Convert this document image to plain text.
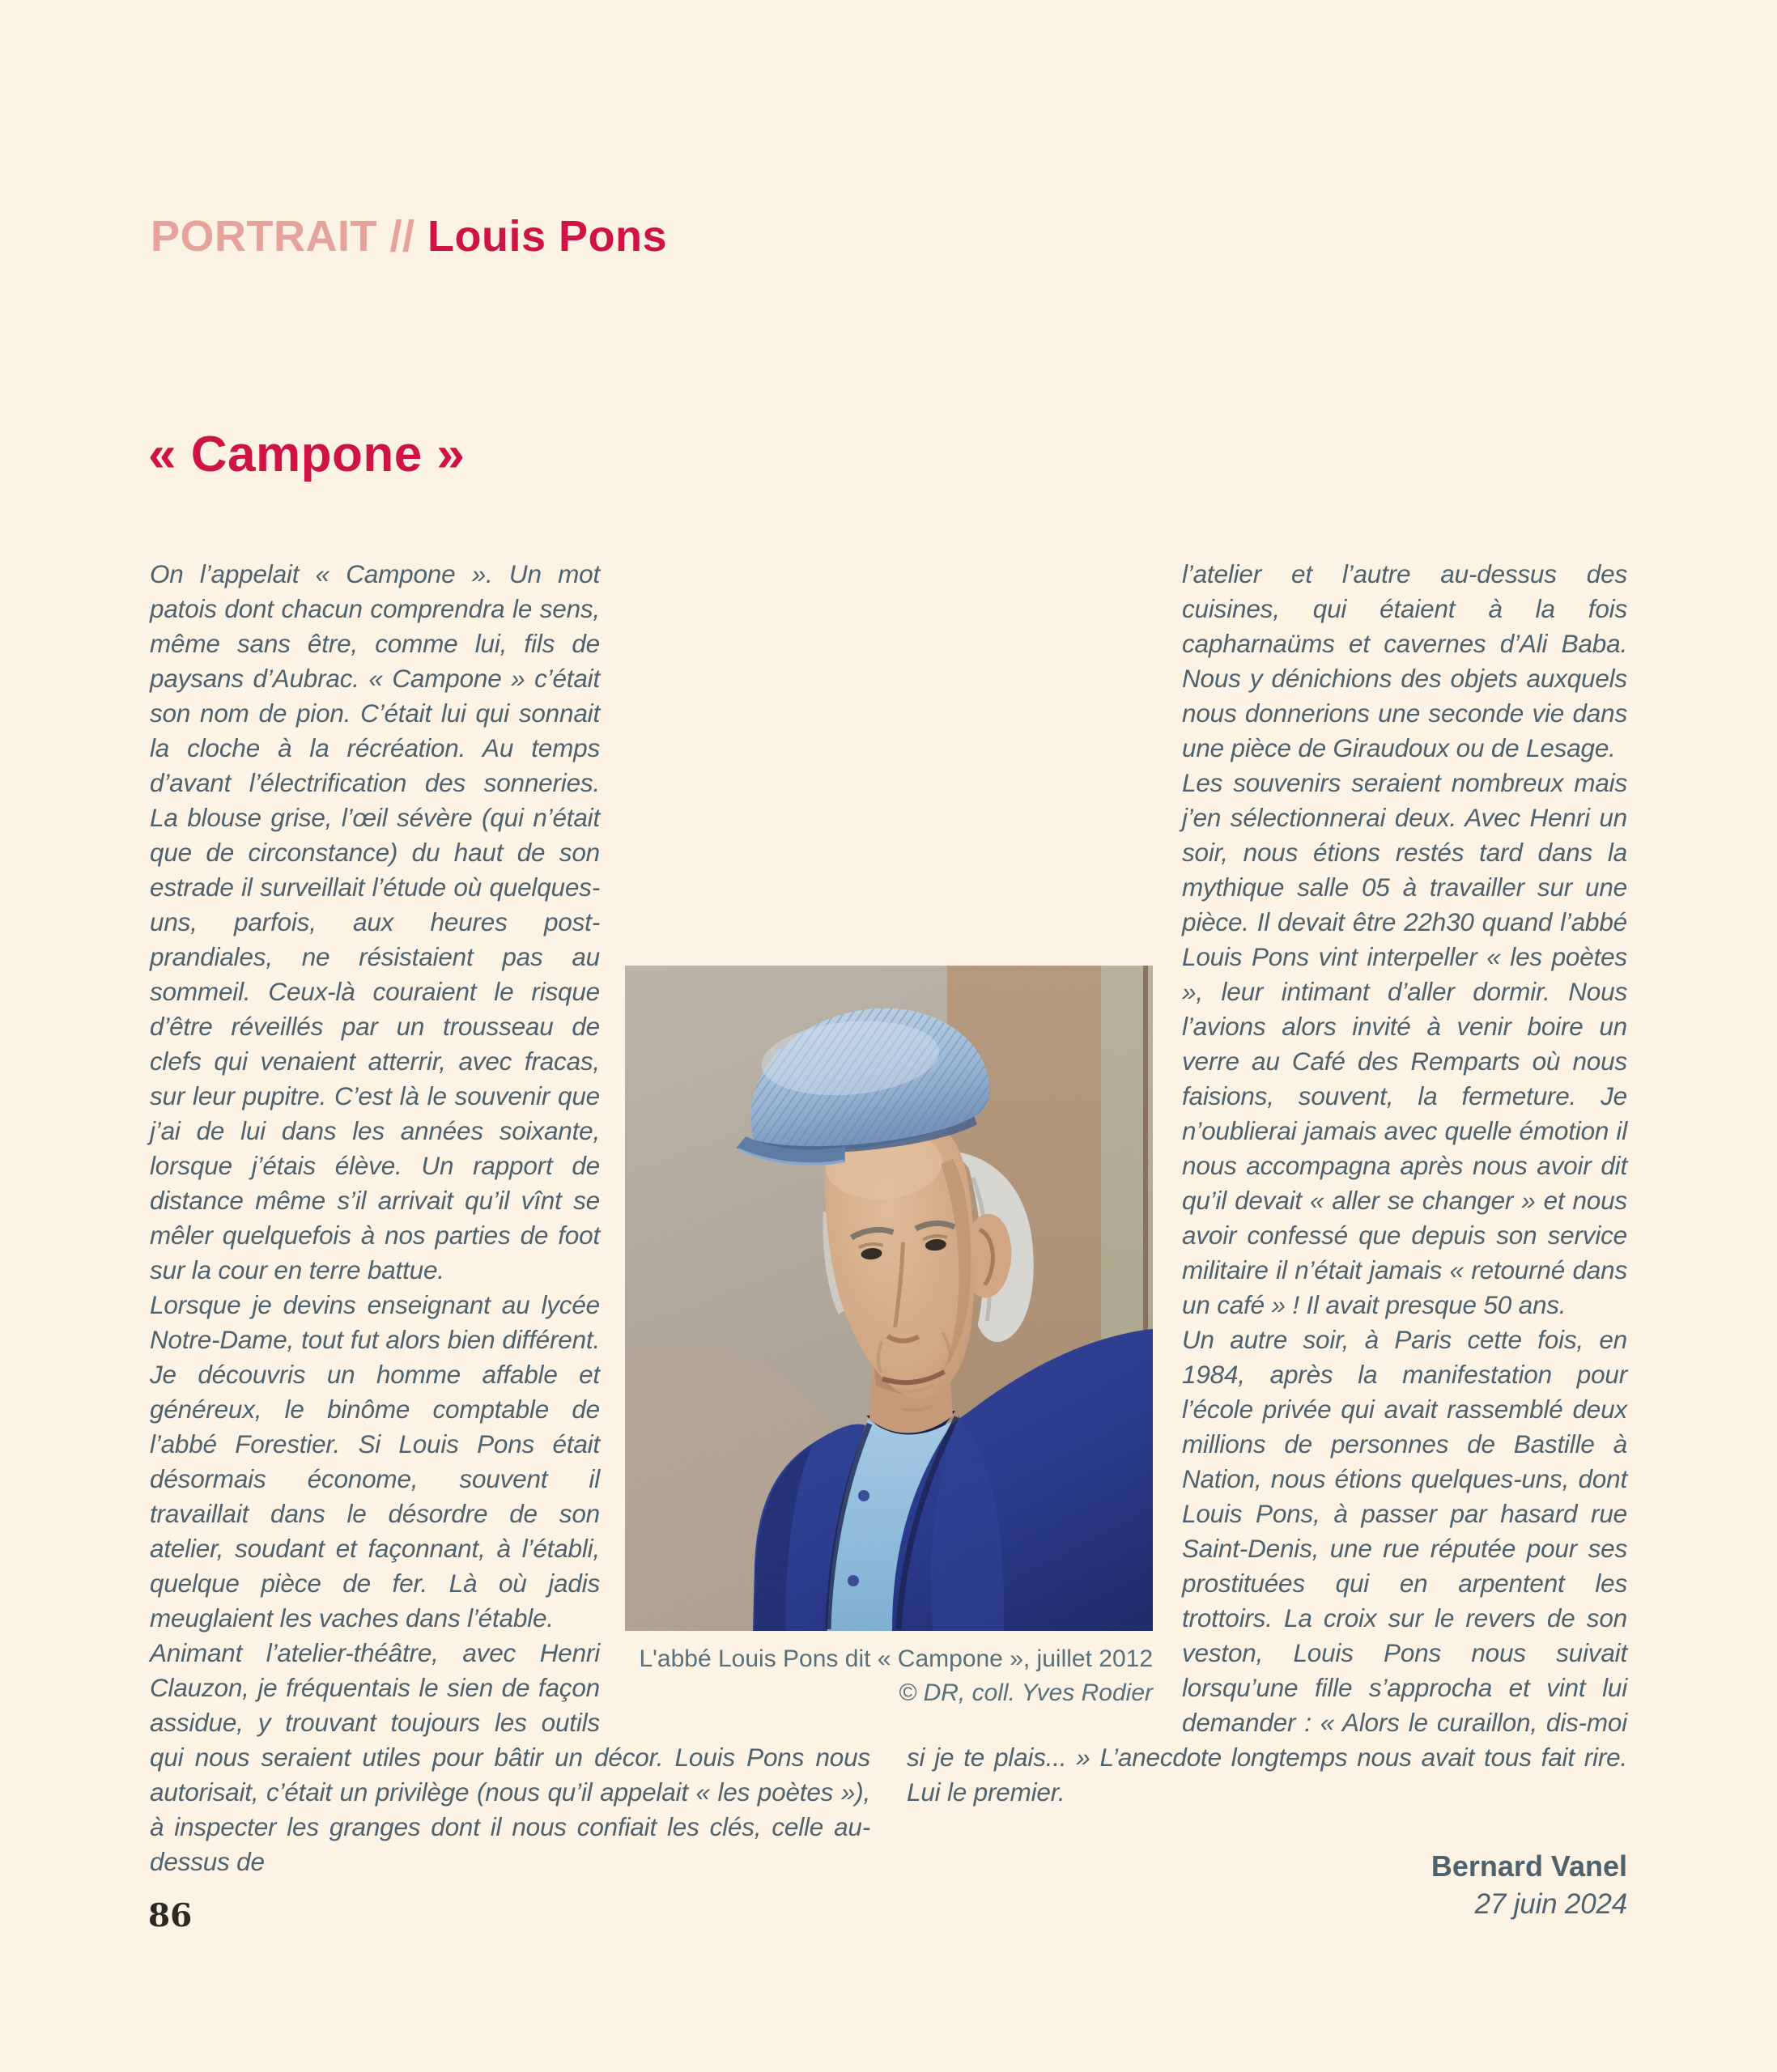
PORTRAIT // Louis Pons
« Campone »

On l’appelait « Campone ». Un mot patois dont chacun comprendra le sens, même sans être, comme lui, fils de paysans d’Aubrac. « Campone » c’était son nom de pion. C’était lui qui sonnait la cloche à la récréation. Au temps d’avant l’électrification des sonneries. La blouse grise, l’œil sévère (qui n’était que de circonstance) du haut de son estrade il surveillait l’étude où quelques-uns, parfois, aux heures post-prandiales, ne résistaient pas au sommeil. Ceux-là couraient le risque d’être réveillés par un trousseau de clefs qui venaient atterrir, avec fracas, sur leur pupitre. C’est là le souvenir que j’ai de lui dans les années soixante, lorsque j’étais élève. Un rapport de distance même s’il arrivait qu’il vînt se mêler quelquefois à nos parties de foot sur la cour en terre battue.

Lorsque je devins enseignant au lycée Notre-Dame, tout fut alors bien différent. Je découvris un homme affable et généreux, le binôme comptable de l’abbé Forestier. Si Louis Pons était désormais économe, souvent il travaillait dans le désordre de son atelier, soudant et façonnant, à l’établi, quelque pièce de fer. Là où jadis meuglaient les vaches dans l’étable.

Animant l’atelier-théâtre, avec Henri Clauzon, je fréquentais le sien de façon assidue, y trouvant toujours les outils qui nous seraient utiles pour bâtir un décor. Louis Pons nous autorisait, c’était un privilège (nous qu’il appelait « les poètes »), à inspecter les granges dont il nous confiait les clés, celle au-dessus de

l’atelier et l’autre au-dessus des cuisines, qui étaient à la fois capharnaüms et cavernes d’Ali Baba. Nous y dénichions des objets auxquels nous donnerions une seconde vie dans une pièce de Giraudoux ou de Lesage.

Les souvenirs seraient nombreux mais j’en sélectionnerai deux. Avec Henri un soir, nous étions restés tard dans la mythique salle 05 à travailler sur une pièce. Il devait être 22h30 quand l’abbé Louis Pons vint interpeller « les poètes », leur intimant d’aller dormir. Nous l’avions alors invité à venir boire un verre au Café des Remparts où nous faisions, souvent, la fermeture. Je n’oublierai jamais avec quelle émotion il nous accompagna après nous avoir dit qu’il devait « aller se changer » et nous avoir confessé que depuis son service militaire il n’était jamais « retourné dans un café » ! Il avait presque 50 ans.

Un autre soir, à Paris cette fois, en 1984, après la manifestation pour l’école privée qui avait rassemblé deux millions de personnes de Bastille à Nation, nous étions quelques-uns, dont Louis Pons, à passer par hasard rue Saint-Denis, une rue réputée pour ses prostituées qui en arpentent les trottoirs. La croix sur le revers de son veston, Louis Pons nous suivait lorsqu’une fille s’approcha et vint lui demander : « Alors le curaillon, dis-moi si je te plais... » L’anecdote longtemps nous avait tous fait rire. Lui le premier.

Bernard Vanel
27 juin 2024
L'abbé Louis Pons dit « Campone », juillet 2012
© DR, coll. Yves Rodier
86
